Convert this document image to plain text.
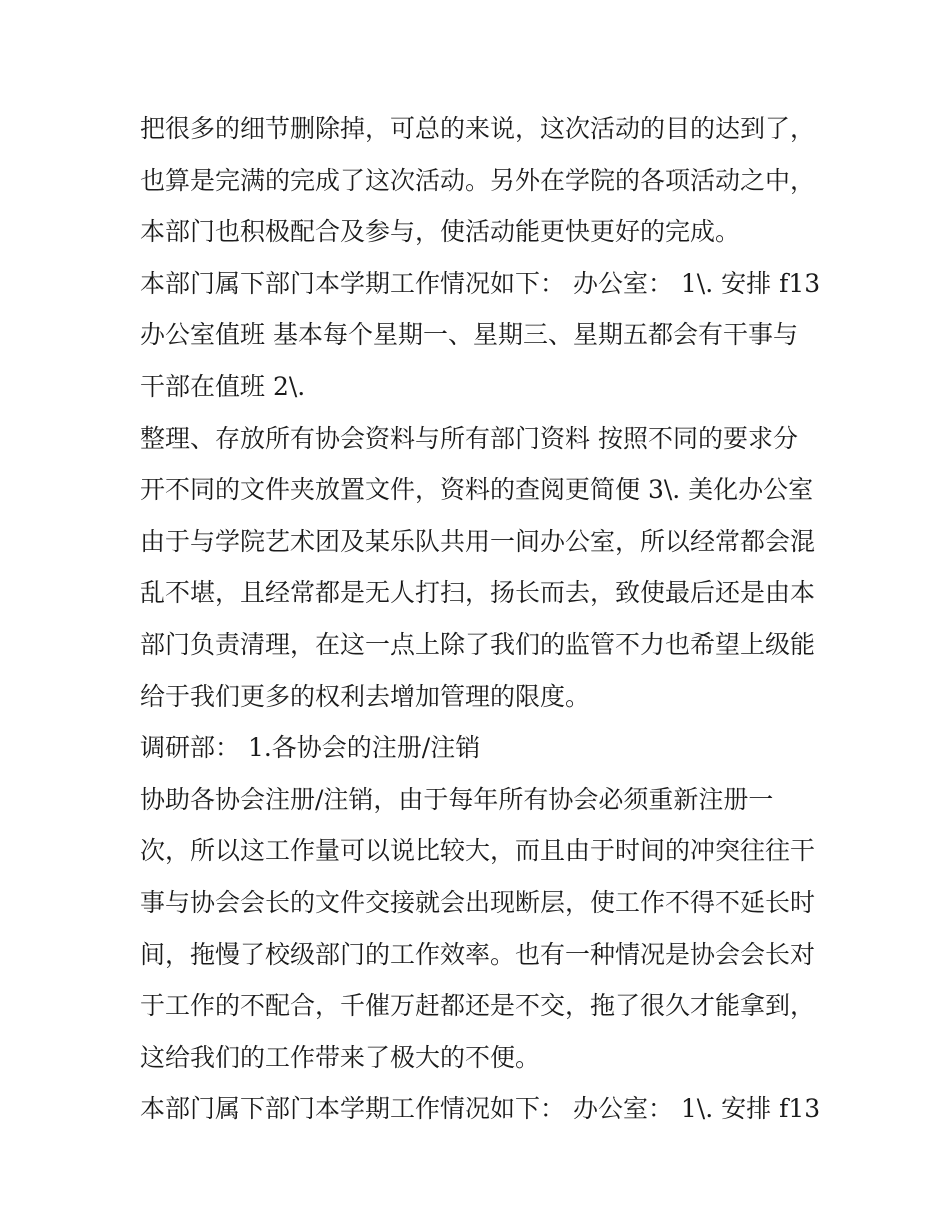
把很多的细节删除掉，可总的来说，这次活动的目的达到了，
也算是完满的完成了这次活动。另外在学院的各项活动之中，
本部门也积极配合及参与，使活动能更快更好的完成。
本部门属下部门本学期工作情况如下： 办公室： 1\. 安排 f13
办公室值班 基本每个星期一、星期三、星期五都会有干事与
干部在值班 2\.
整理、存放所有协会资料与所有部门资料 按照不同的要求分
开不同的文件夹放置文件，资料的查阅更简便 3\. 美化办公室
由于与学院艺术团及某乐队共用一间办公室，所以经常都会混
乱不堪，且经常都是无人打扫，扬长而去，致使最后还是由本
部门负责清理，在这一点上除了我们的监管不力也希望上级能
给于我们更多的权利去增加管理的限度。
调研部： 1.各协会的注册/注销
协助各协会注册/注销，由于每年所有协会必须重新注册一
次，所以这工作量可以说比较大，而且由于时间的冲突往往干
事与协会会长的文件交接就会出现断层，使工作不得不延长时
间，拖慢了校级部门的工作效率。也有一种情况是协会会长对
于工作的不配合，千催万赶都还是不交，拖了很久才能拿到，
这给我们的工作带来了极大的不便。
本部门属下部门本学期工作情况如下： 办公室： 1\. 安排 f13
